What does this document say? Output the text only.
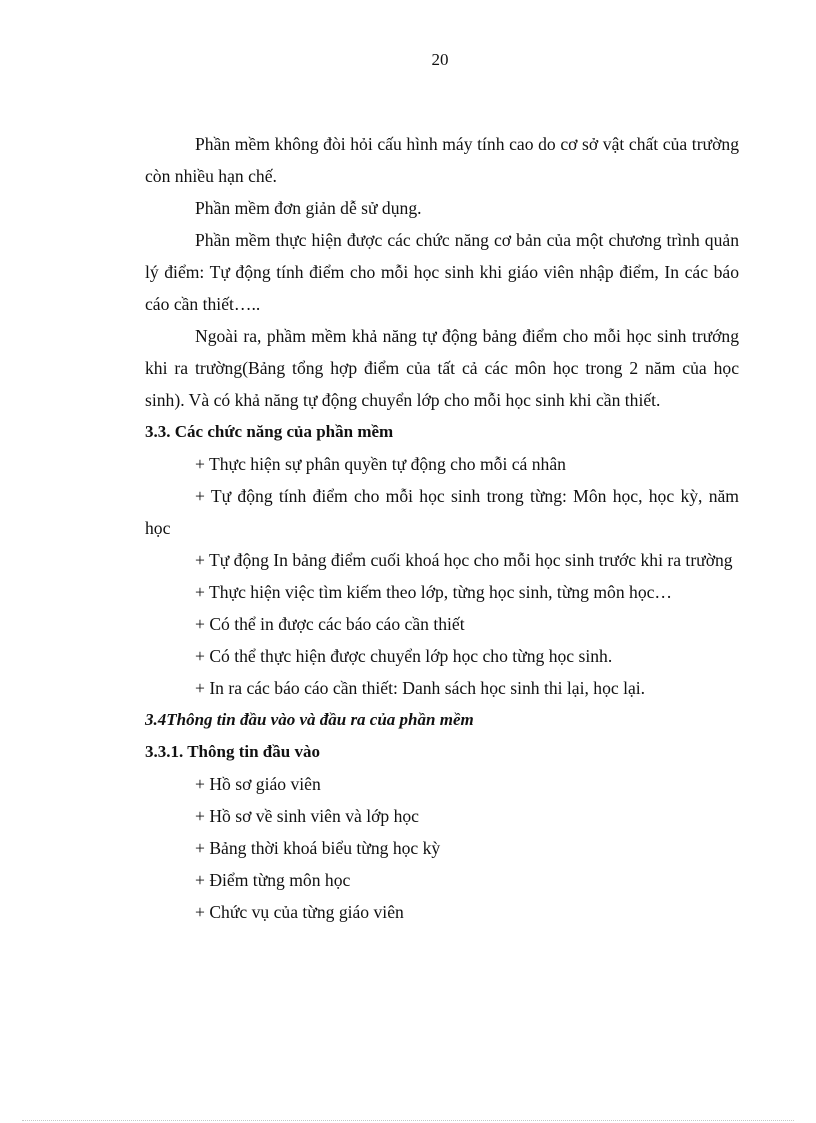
20

Phần mềm không đòi hỏi cấu hình máy tính cao do cơ sở vật chất của trường còn nhiều hạn chế.

Phần mềm đơn giản dễ sử dụng.

Phần mềm thực hiện được các chức năng cơ bản của một chương trình quản lý điểm: Tự động tính điểm cho mỗi học sinh khi giáo viên nhập điểm, In các báo cáo cần thiết…..

Ngoài ra, phầm mềm khả năng tự động bảng điểm cho mỗi học sinh trướng khi ra trường(Bảng tổng hợp điểm của tất cả các môn học trong 2 năm của học sinh). Và có khả năng tự động chuyển lớp cho mỗi học sinh khi cần thiết.

3.3. Các chức năng của phần mềm

+ Thực hiện sự phân quyền tự động cho mỗi cá nhân

+ Tự động tính điểm cho mỗi học sinh trong từng: Môn học, học kỳ, năm học

+ Tự động In bảng điểm cuối khoá học cho mỗi học sinh trước khi ra trường

+ Thực hiện việc tìm kiếm theo lớp, từng học sinh, từng môn học…

+ Có thể in được các báo cáo cần thiết

+ Có thể thực hiện được chuyển lớp học cho từng học sinh.

+ In ra các báo cáo cần thiết: Danh sách học sinh thi lại, học lại.

3.4Thông tin đầu vào và đầu ra của phần mềm
3.3.1. Thông tin đầu vào

+ Hồ sơ giáo viên

+ Hồ sơ về sinh viên và lớp học

+ Bảng thời khoá biểu từng học kỳ

+ Điểm từng môn học

+ Chức vụ của từng giáo viên
